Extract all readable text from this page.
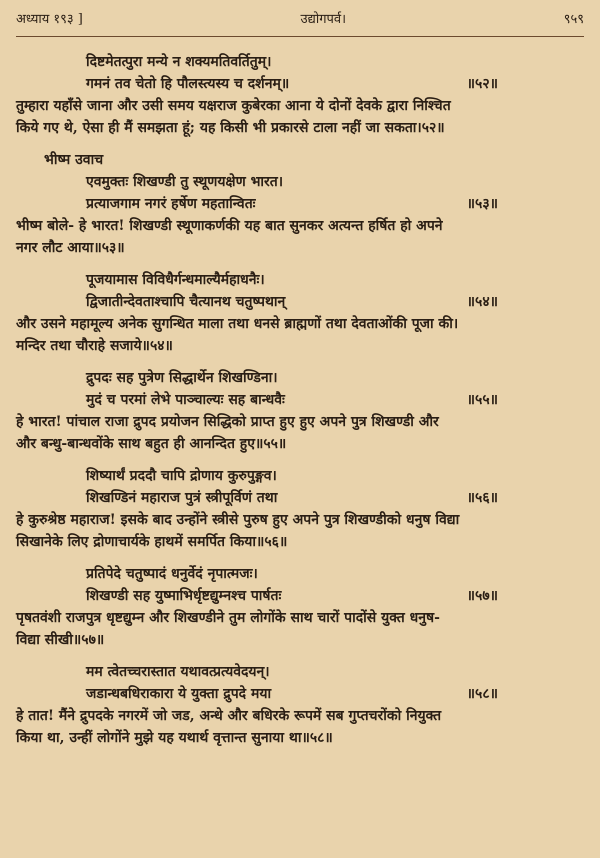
अध्याय १९३ ]	उद्योगपर्व।	९५९
दिष्टमेतत्पुरा मन्ये न शक्यमतिवर्तितुम्।
गमनं तव चेतो हि पौलस्त्यस्य च दर्शनम्॥	॥५२॥
तुम्हारा यहाँसे जाना और उसी समय यक्षराज कुबेरका आना ये दोनों देवके द्वारा निश्चित
किये गए थे, ऐसा ही मैं समझता हूं; यह किसी भी प्रकारसे टाला नहीं जा सकता।५२॥
भीष्म उवाच
एवमुक्तः शिखण्डी तु स्थूणयक्षेण भारत।
प्रत्याजगाम नगरं हर्षेण महतान्वितः	॥५३॥
भीष्म बोले- हे भारत! शिखण्डी स्थूणाकर्णकी यह बात सुनकर अत्यन्त हर्षित हो अपने
नगर लौट आया॥५३॥
पूजयामास विविधैर्गन्धमाल्यैर्महाधनैः।
द्विजातीन्देवताश्चापि चैत्यानथ चतुष्पथान्	॥५४॥
और उसने महामूल्य अनेक सुगन्धित माला तथा धनसे ब्राह्मणों तथा देवताओंकी पूजा की।
मन्दिर तथा चौराहे सजाये॥५४॥
द्रुपदः सह पुत्रेण सिद्धार्थेन शिखण्डिना।
मुदं च परमां लेभे पाञ्चाल्यः सह बान्धवैः	॥५५॥
हे भारत! पांचाल राजा द्रुपद प्रयोजन सिद्धिको प्राप्त हुए हुए अपने पुत्र शिखण्डी और
और बन्धु-बान्धवोंके साथ बहुत ही आनन्दित हुए॥५५॥
शिष्यार्थं प्रददौ चापि द्रोणाय कुरुपुङ्गव।
शिखण्डिनं महाराज पुत्रं स्त्रीपूर्विणं तथा	॥५६॥
हे कुरुश्रेष्ठ महाराज! इसके बाद उन्होंने स्त्रीसे पुरुष हुए अपने पुत्र शिखण्डीको धनुष विद्या
सिखानेके लिए द्रोणाचार्यके हाथमें समर्पित किया॥५६॥
प्रतिपेदे चतुष्पादं धनुर्वेदं नृपात्मजः।
शिखण्डी सह युष्माभिर्धृष्टद्युम्नश्च पार्षतः	॥५७॥
पृषतवंशी राजपुत्र धृष्टद्युम्न और शिखण्डीने तुम लोगोंके साथ चारों पादोंसे युक्त धनुष-
विद्या सीखी॥५७॥
मम त्वेतच्चरास्तात यथावत्प्रत्यवेदयन्।
जडान्धबधिराकारा ये युक्ता द्रुपदे मया	॥५८॥
हे तात! मैंने द्रुपदके नगरमें जो जड, अन्धे और बधिरके रूपमें सब गुप्तचरोंको नियुक्त
किया था, उन्हीं लोगोंने मुझे यह यथार्थ वृत्तान्त सुनाया था॥५८॥
